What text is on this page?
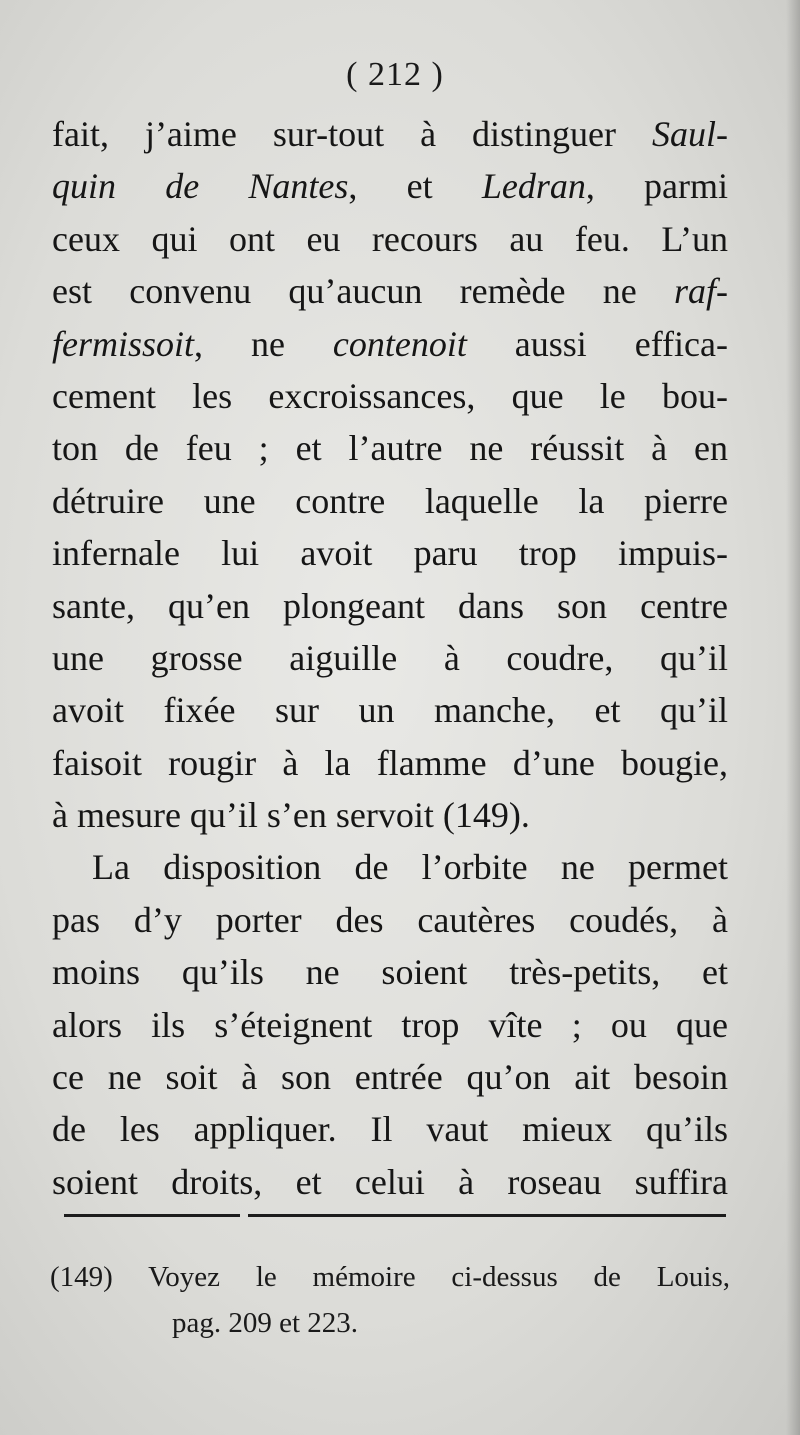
( 212 )
fait, j’aime sur-tout à distinguer Saul-
quin de Nantes, et Ledran, parmi
ceux qui ont eu recours au feu. L’un
est convenu qu’aucun remède ne raf-
fermissoit, ne contenoit aussi effica-
cement les excroissances, que le bou-
ton de feu ; et l’autre ne réussit à en
détruire une contre laquelle la pierre
infernale lui avoit paru trop impuis-
sante, qu’en plongeant dans son centre
une grosse aiguille à coudre, qu’il
avoit fixée sur un manche, et qu’il
faisoit rougir à la flamme d’une bougie,
à mesure qu’il s’en servoit (149).
La disposition de l’orbite ne permet
pas d’y porter des cautères coudés, à
moins qu’ils ne soient très-petits, et
alors ils s’éteignent trop vîte ; ou que
ce ne soit à son entrée qu’on ait besoin
de les appliquer. Il vaut mieux qu’ils
soient droits, et celui à roseau suffira
(149) Voyez le mémoire ci-dessus de Louis,
pag. 209 et 223.
